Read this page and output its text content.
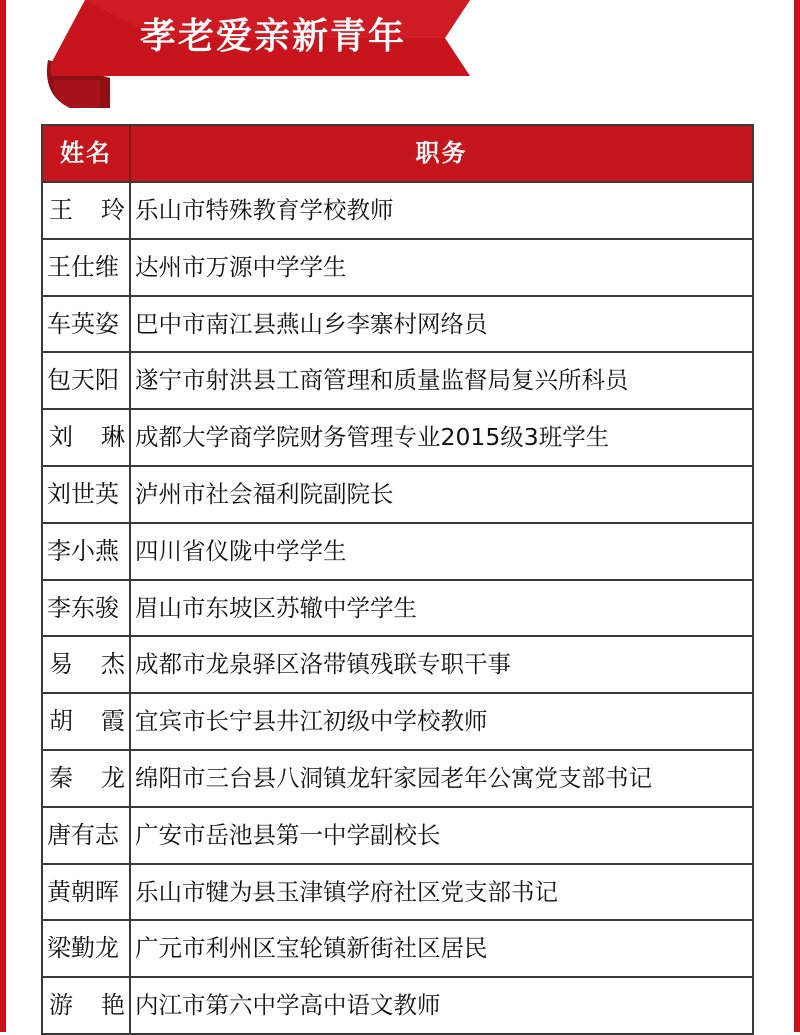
孝老爱亲新青年
姓名	职务
王 玲 乐山市特殊教育学校教师
王仕维 达州市万源中学学生
车英姿 巴中市南江县燕山乡李寨村网络员
包天阳 遂宁市射洪县工商管理和质量监督局复兴所科员
刘 琳 成都大学商学院财务管理专业2015级3班学生
刘世英 泸州市社会福利院副院长
李小燕 四川省仪陇中学学生
李东骏 眉山市东坡区苏辙中学学生
易 杰 成都市龙泉驿区洛带镇残联专职干事
胡 霞 宜宾市长宁县井江初级中学校教师
秦 龙 绵阳市三台县八洞镇龙轩家园老年公寓党支部书记
唐有志 广安市岳池县第一中学副校长
黄朝晖 乐山市犍为县玉津镇学府社区党支部书记
梁勤龙 广元市利州区宝轮镇新街社区居民
游 艳 内江市第六中学高中语文教师
